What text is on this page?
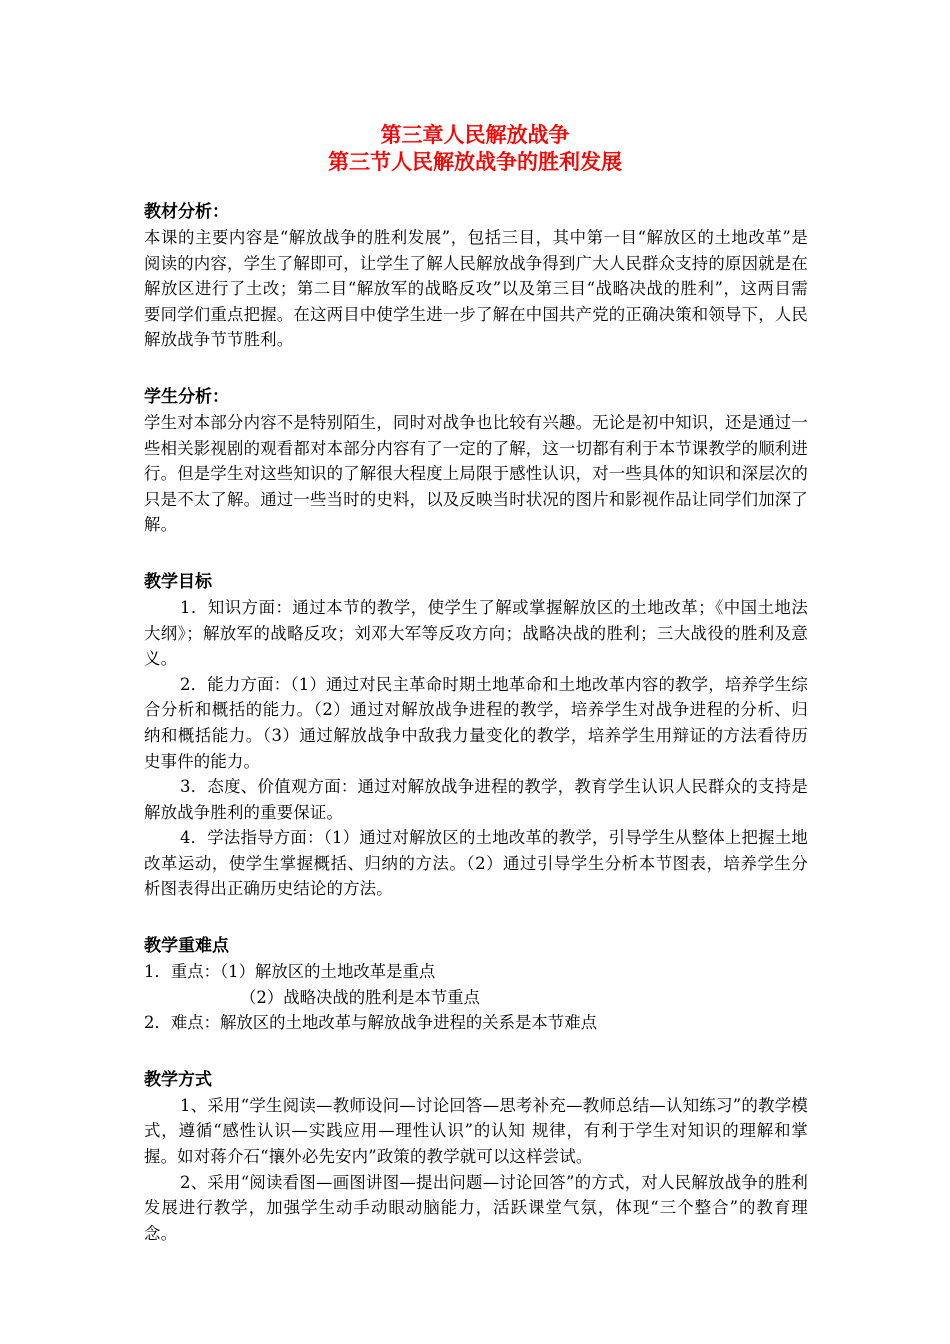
第三章人民解放战争
第三节人民解放战争的胜利发展
教材分析：
本课的主要内容是“解放战争的胜利发展”，包括三目，其中第一目“解放区的土地改革”是阅读的内容，学生了解即可，让学生了解人民解放战争得到广大人民群众支持的原因就是在解放区进行了土改；第二目“解放军的战略反攻”以及第三目“战略决战的胜利”，这两目需要同学们重点把握。在这两目中使学生进一步了解在中国共产党的正确决策和领导下，人民解放战争节节胜利。
学生分析：
学生对本部分内容不是特别陌生，同时对战争也比较有兴趣。无论是初中知识，还是通过一些相关影视剧的观看都对本部分内容有了一定的了解，这一切都有利于本节课教学的顺利进行。但是学生对这些知识的了解很大程度上局限于感性认识，对一些具体的知识和深层次的只是不太了解。通过一些当时的史料，以及反映当时状况的图片和影视作品让同学们加深了解。
教学目标
1．知识方面：通过本节的教学，使学生了解或掌握解放区的土地改革；《中国土地法大纲》；解放军的战略反攻；刘邓大军等反攻方向；战略决战的胜利；三大战役的胜利及意义。
2．能力方面：（1）通过对民主革命时期土地革命和土地改革内容的教学，培养学生综合分析和概括的能力。（2）通过对解放战争进程的教学，培养学生对战争进程的分析、归纳和概括能力。（3）通过解放战争中敌我力量变化的教学，培养学生用辩证的方法看待历史事件的能力。
3．态度、价值观方面：通过对解放战争进程的教学，教育学生认识人民群众的支持是解放战争胜利的重要保证。
4．学法指导方面：（1）通过对解放区的土地改革的教学，引导学生从整体上把握土地改革运动，使学生掌握概括、归纳的方法。（2）通过引导学生分析本节图表，培养学生分析图表得出正确历史结论的方法。
教学重难点
1．重点：（1）解放区的土地改革是重点
（2）战略决战的胜利是本节重点
2．难点：解放区的土地改革与解放战争进程的关系是本节难点
教学方式
1、采用“学生阅读—教师设问—讨论回答—思考补充—教师总结—认知练习”的教学模式，遵循“感性认识—实践应用—理性认识”的认知 规律，有利于学生对知识的理解和掌握。如对蒋介石“攘外必先安内”政策的教学就可以这样尝试。
2、采用“阅读看图—画图讲图—提出问题—讨论回答”的方式，对人民解放战争的胜利发展进行教学，加强学生动手动眼动脑能力，活跃课堂气氛，体现“三个整合”的教育理念。
